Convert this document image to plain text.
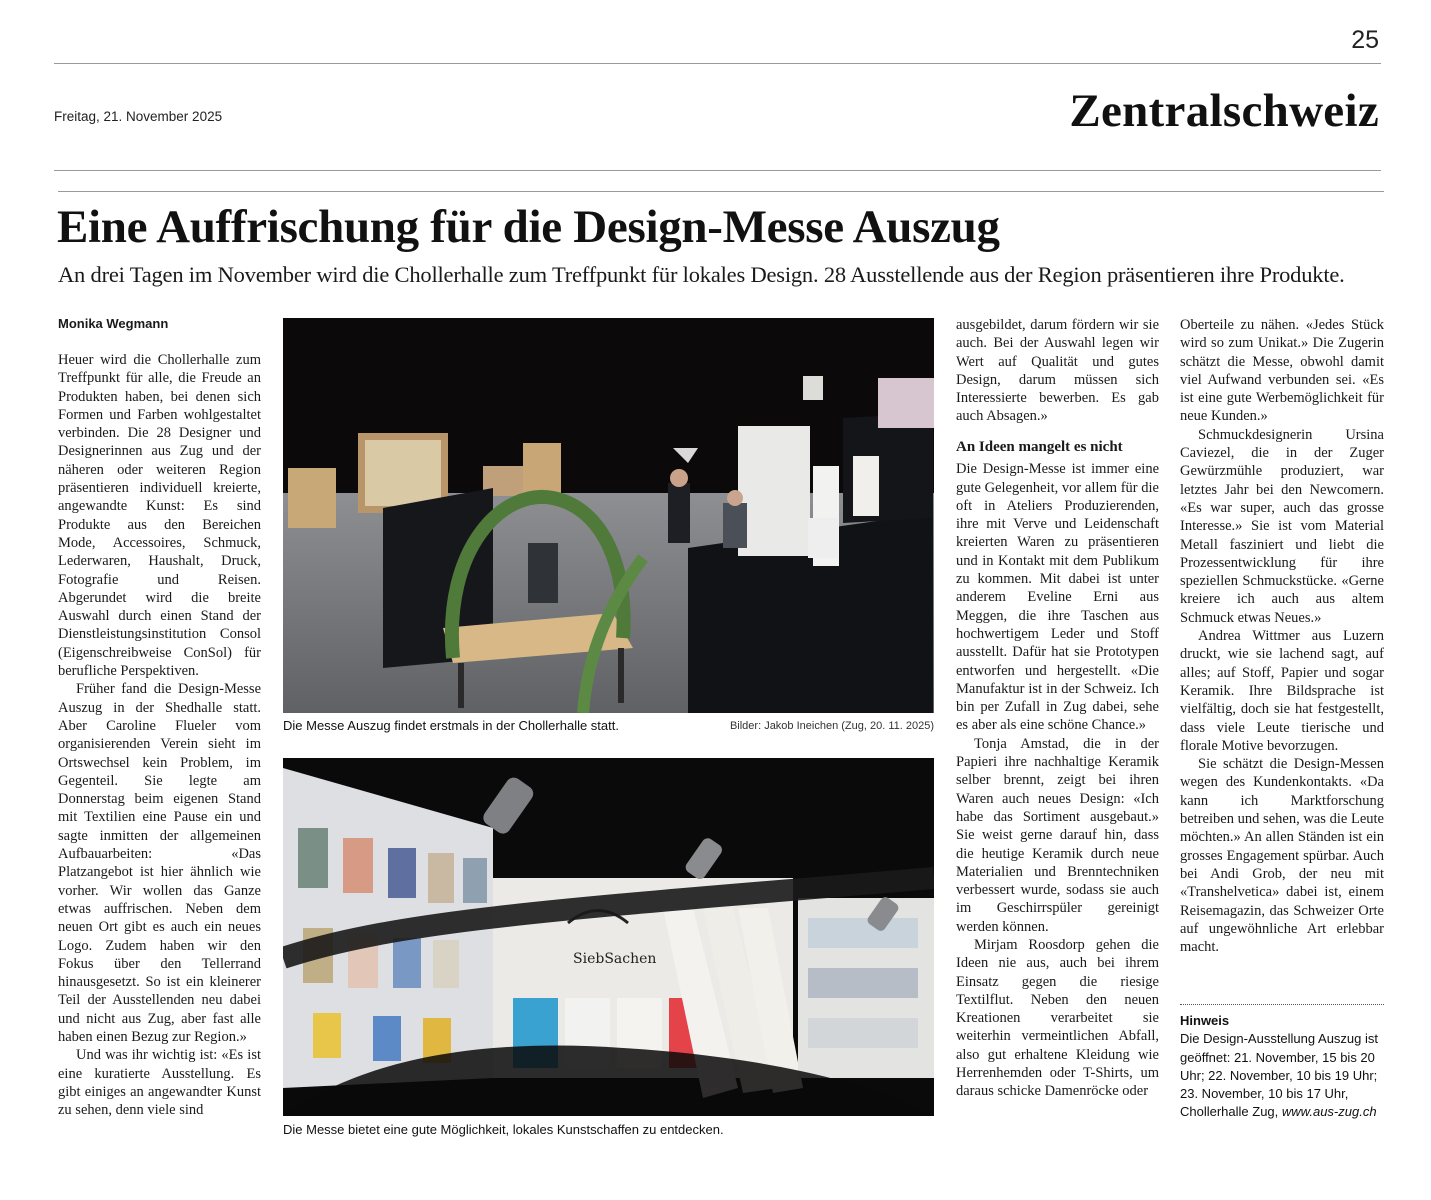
25
Freitag, 21. November 2025	Zentralschweiz
Eine Auffrischung für die Design-Messe Auszug
An drei Tagen im November wird die Chollerhalle zum Treffpunkt für lokales Design. 28 Ausstellende aus der Region präsentieren ihre Produkte.
Monika Wegmann

Heuer wird die Chollerhalle zum Treffpunkt für alle, die Freude an Produkten haben, bei denen sich Formen und Farben wohlgestaltet verbinden. Die 28 Designer und Designerinnen aus Zug und der näheren oder weiteren Region präsentieren individuell kreierte, angewandte Kunst: Es sind Produkte aus den Bereichen Mode, Accessoires, Schmuck, Lederwaren, Haushalt, Druck, Fotografie und Reisen. Abgerundet wird die breite Auswahl durch einen Stand der Dienstleistungsinstitution Consol (Eigenschreibweise ConSol) für berufliche Perspektiven.

Früher fand die Design-Messe Auszug in der Shedhalle statt. Aber Caroline Flueler vom organisierenden Verein sieht im Ortswechsel kein Problem, im Gegenteil. Sie legte am Donnerstag beim eigenen Stand mit Textilien eine Pause ein und sagte inmitten der allgemeinen Aufbauarbeiten: «Das Platzangebot ist hier ähnlich wie vorher. Wir wollen das Ganze etwas auffrischen. Neben dem neuen Ort gibt es auch ein neues Logo. Zudem haben wir den Fokus über den Tellerrand hinausgesetzt. So ist ein kleinerer Teil der Ausstellenden neu dabei und nicht aus Zug, aber fast alle haben einen Bezug zur Region.»

Und was ihr wichtig ist: «Es ist eine kuratierte Ausstellung. Es gibt einiges an angewandter Kunst zu sehen, denn viele sind

Die Messe Auszug findet erstmals in der Chollerhalle statt.	Bilder: Jakob Ineichen (Zug, 20. 11. 2025)
SiebSachen
Die Messe bietet eine gute Möglichkeit, lokales Kunstschaffen zu entdecken.

ausgebildet, darum fördern wir sie auch. Bei der Auswahl legen wir Wert auf Qualität und gutes Design, darum müssen sich Interessierte bewerben. Es gab auch Absagen.»

An Ideen mangelt es nicht

Die Design-Messe ist immer eine gute Gelegenheit, vor allem für die oft in Ateliers Produzierenden, ihre mit Verve und Leidenschaft kreierten Waren zu präsentieren und in Kontakt mit dem Publikum zu kommen. Mit dabei ist unter anderem Eveline Erni aus Meggen, die ihre Taschen aus hochwertigem Leder und Stoff ausstellt. Dafür hat sie Prototypen entworfen und hergestellt. «Die Manufaktur ist in der Schweiz. Ich bin per Zufall in Zug dabei, sehe es aber als eine schöne Chance.»

Tonja Amstad, die in der Papieri ihre nachhaltige Keramik selber brennt, zeigt bei ihren Waren auch neues Design: «Ich habe das Sortiment ausgebaut.» Sie weist gerne darauf hin, dass die heutige Keramik durch neue Materialien und Brenntechniken verbessert wurde, sodass sie auch im Geschirrspüler gereinigt werden können.

Mirjam Roosdorp gehen die Ideen nie aus, auch bei ihrem Einsatz gegen die riesige Textilflut. Neben den neuen Kreationen verarbeitet sie weiterhin vermeintlichen Abfall, also gut erhaltene Kleidung wie Herrenhemden oder T-Shirts, um daraus schicke Damenröcke oder

Oberteile zu nähen. «Jedes Stück wird so zum Unikat.» Die Zugerin schätzt die Messe, obwohl damit viel Aufwand verbunden sei. «Es ist eine gute Werbemöglichkeit für neue Kunden.»

Schmuckdesignerin Ursina Caviezel, die in der Zuger Gewürzmühle produziert, war letztes Jahr bei den Newcomern. «Es war super, auch das grosse Interesse.» Sie ist vom Material Metall fasziniert und liebt die Prozessentwicklung für ihre speziellen Schmuckstücke. «Gerne kreiere ich auch aus altem Schmuck etwas Neues.»

Andrea Wittmer aus Luzern druckt, wie sie lachend sagt, auf alles; auf Stoff, Papier und sogar Keramik. Ihre Bildsprache ist vielfältig, doch sie hat festgestellt, dass viele Leute tierische und florale Motive bevorzugen.

Sie schätzt die Design-Messen wegen des Kundenkontakts. «Da kann ich Marktforschung betreiben und sehen, was die Leute möchten.» An allen Ständen ist ein grosses Engagement spürbar. Auch bei Andi Grob, der neu mit «Transhelvetica» dabei ist, einem Reisemagazin, das Schweizer Orte auf ungewöhnliche Art erlebbar macht.

Hinweis
Die Design-Ausstellung Auszug ist geöffnet: 21. November, 15 bis 20 Uhr; 22. November, 10 bis 19 Uhr; 23. November, 10 bis 17 Uhr, Chollerhalle Zug, www.aus-zug.ch
